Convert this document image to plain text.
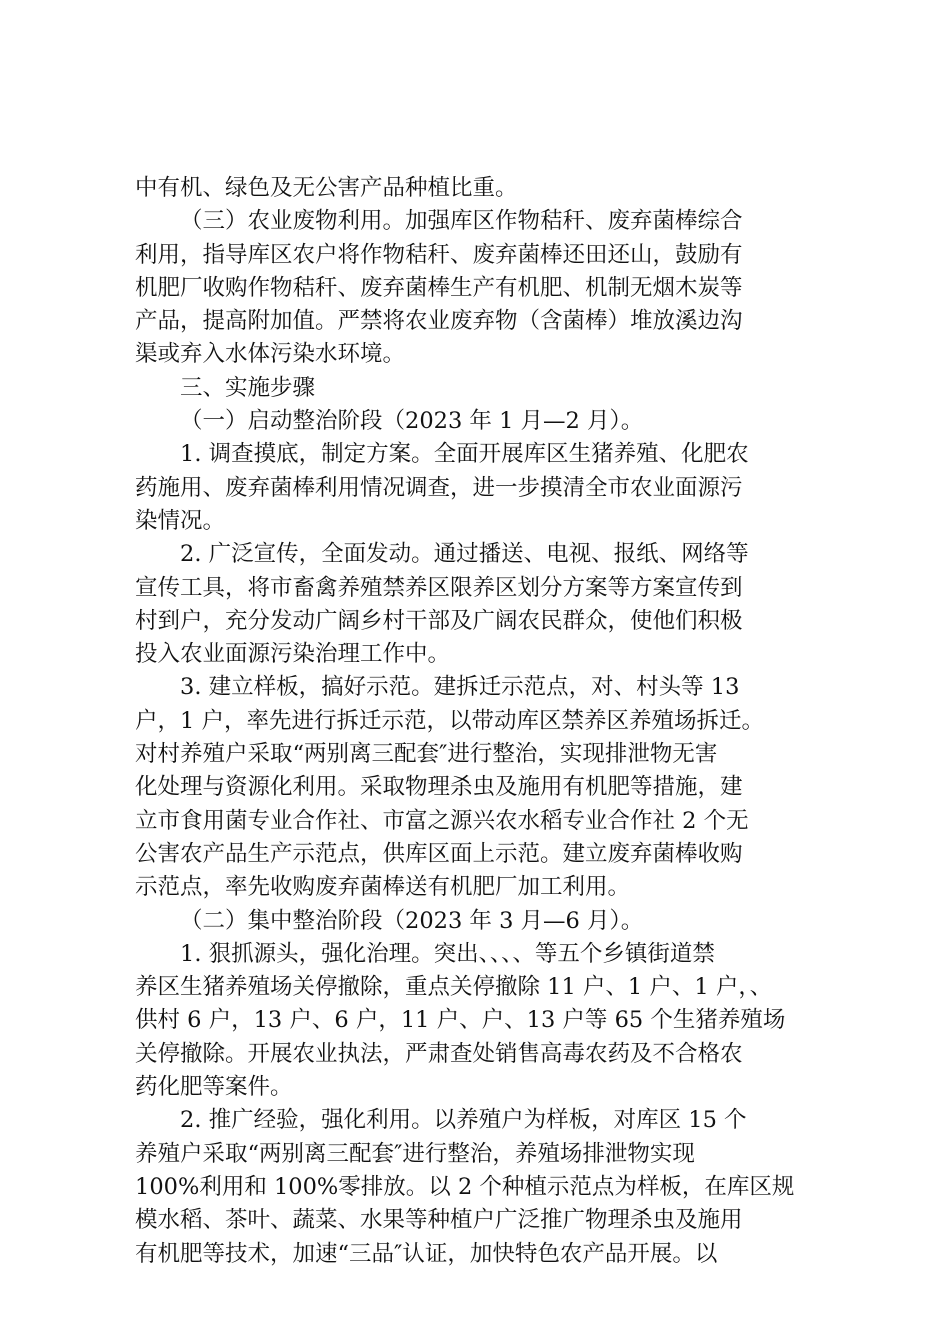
中有机、绿色及无公害产品种植比重。
（三）农业废物利用。加强库区作物秸秆、废弃菌棒综合
利用，指导库区农户将作物秸秆、废弃菌棒还田还山，鼓励有
机肥厂收购作物秸秆、废弃菌棒生产有机肥、机制无烟木炭等
产品，提高附加值。严禁将农业废弃物（含菌棒）堆放溪边沟
渠或弃入水体污染水环境。
三、实施步骤
（一）启动整治阶段（2023 年 1 月—2 月）。
1. 调查摸底，制定方案。全面开展库区生猪养殖、化肥农
药施用、废弃菌棒利用情况调查，进一步摸清全市农业面源污
染情况。
2. 广泛宣传，全面发动。通过播送、电视、报纸、网络等
宣传工具，将市畜禽养殖禁养区限养区划分方案等方案宣传到
村到户，充分发动广阔乡村干部及广阔农民群众，使他们积极
投入农业面源污染治理工作中。
3. 建立样板，搞好示范。建拆迁示范点，对、村头等 13
户，1 户，率先进行拆迁示范，以带动库区禁养区养殖场拆迁。
对村养殖户采取“两别离三配套″进行整治，实现排泄物无害
化处理与资源化利用。采取物理杀虫及施用有机肥等措施，建
立市食用菌专业合作社、市富之源兴农水稻专业合作社 2 个无
公害农产品生产示范点，供库区面上示范。建立废弃菌棒收购
示范点，率先收购废弃菌棒送有机肥厂加工利用。
（二）集中整治阶段（2023 年 3 月—6 月）。
1. 狠抓源头，强化治理。突出、、、、等五个乡镇街道禁
养区生猪养殖场关停撤除，重点关停撤除 11 户、1 户、1 户，、
供村 6 户，13 户、6 户，11 户、户、13 户等 65 个生猪养殖场
关停撤除。开展农业执法，严肃查处销售高毒农药及不合格农
药化肥等案件。
2. 推广经验，强化利用。以养殖户为样板，对库区 15 个
养殖户采取“两别离三配套″进行整治，养殖场排泄物实现
100%利用和 100%零排放。以 2 个种植示范点为样板，在库区规
模水稻、茶叶、蔬菜、水果等种植户广泛推广物理杀虫及施用
有机肥等技术，加速“三品″认证，加快特色农产品开展。以
